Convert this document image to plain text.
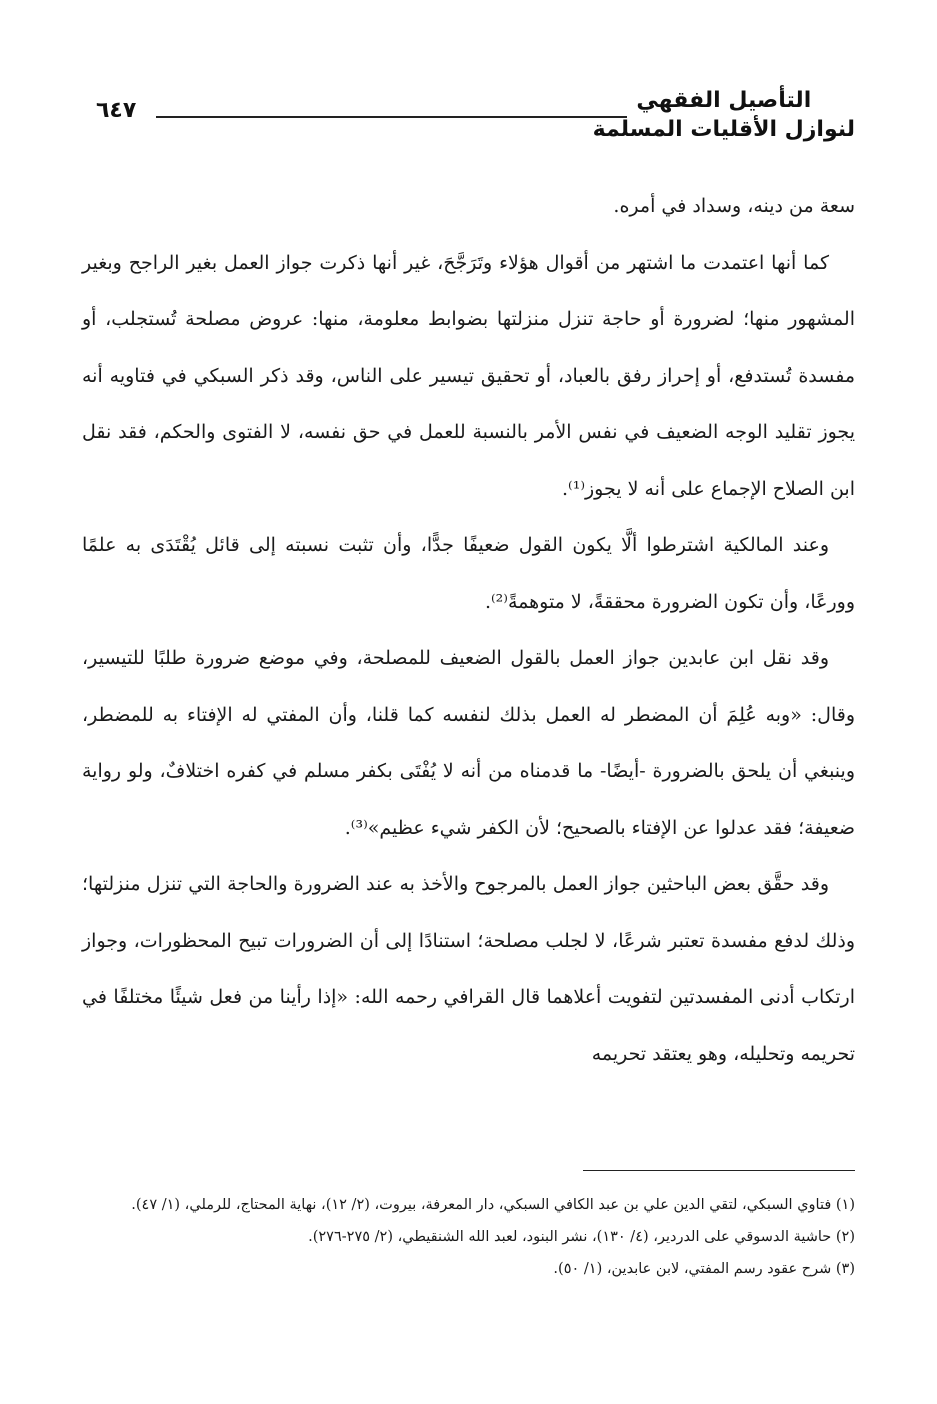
التأصيل الفقهي
لنوازل الأقليات المسلمة
٦٤٧

سعة من دينه، وسداد في أمره.

كما أنها اعتمدت ما اشتهر من أقوال هؤلاء وتَرَجَّحَ، غير أنها ذكرت جواز العمل بغير الراجح وبغير المشهور منها؛ لضرورة أو حاجة تنزل منزلتها بضوابط معلومة، منها: عروض مصلحة تُستجلب، أو مفسدة تُستدفع، أو إحراز رفق بالعباد، أو تحقيق تيسير على الناس، وقد ذكر السبكي في فتاويه أنه يجوز تقليد الوجه الضعيف في نفس الأمر بالنسبة للعمل في حق نفسه، لا الفتوى والحكم، فقد نقل ابن الصلاح الإجماع على أنه لا يجوز⁽¹⁾.

وعند المالكية اشترطوا ألَّا يكون القول ضعيفًا جدًّا، وأن تثبت نسبته إلى قائل يُقْتَدَى به علمًا وورعًا، وأن تكون الضرورة محققةً، لا متوهمةً⁽²⁾.

وقد نقل ابن عابدين جواز العمل بالقول الضعيف للمصلحة، وفي موضع ضرورة طلبًا للتيسير، وقال: «وبه عُلِمَ أن المضطر له العمل بذلك لنفسه كما قلنا، وأن المفتي له الإفتاء به للمضطر، وينبغي أن يلحق بالضرورة -أيضًا- ما قدمناه من أنه لا يُفْتَى بكفر مسلم في كفره اختلافٌ، ولو رواية ضعيفة؛ فقد عدلوا عن الإفتاء بالصحيح؛ لأن الكفر شيء عظيم»⁽³⁾.

وقد حقَّق بعض الباحثين جواز العمل بالمرجوح والأخذ به عند الضرورة والحاجة التي تنزل منزلتها؛ وذلك لدفع مفسدة تعتبر شرعًا، لا لجلب مصلحة؛ استنادًا إلى أن الضرورات تبيح المحظورات، وجواز ارتكاب أدنى المفسدتين لتفويت أعلاهما قال القرافي رحمه الله: «إذا رأينا من فعل شيئًا مختلفًا في تحريمه وتحليله، وهو يعتقد تحريمه

(١) فتاوي السبكي، لتقي الدين علي بن عبد الكافي السبكي، دار المعرفة، بيروت، (٢/ ١٢)، نهاية المحتاج، للرملي، (١/ ٤٧).

(٢) حاشية الدسوقي على الدردير، (٤/ ١٣٠)، نشر البنود، لعبد الله الشنقيطي، (٢/ ٢٧٥-٢٧٦).

(٣) شرح عقود رسم المفتي، لابن عابدين، (١/ ٥٠).
